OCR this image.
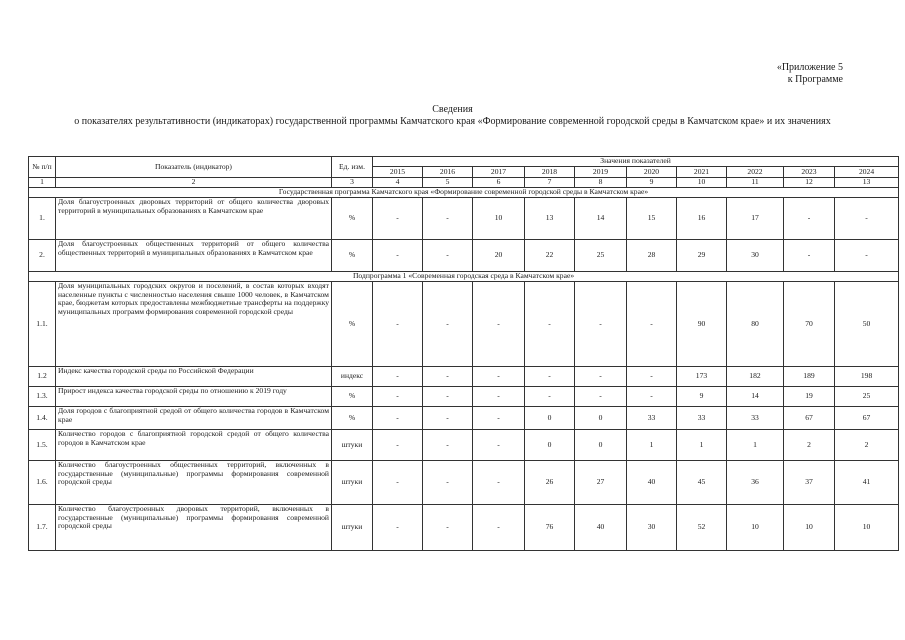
«Приложение 5
к Программе
Сведения
о показателях результативности (индикаторах) государственной программы Камчатского края «Формирование современной городской среды в Камчатском крае» и их значениях
№ п/п	Показатель (индикатор)	Ед. изм.	Значения показателей									
			2015	2016	2017	2018	2019	2020	2021	2022	2023	2024
1	2	3	4	5	6	7	8	9	10	11	12	13
Государственная программа Камчатского края «Формирование современной городской среды в Камчатском крае»												
1.	Доля благоустроенных дворовых территорий от общего количества дворовых территорий в муниципальных образованиях в Камчатском крае	%	-	-	10	13	14	15	16	17	-	-
2.	Доля благоустроенных общественных территорий от общего количества общественных территорий в муниципальных образованиях в Камчатском крае	%	-	-	20	22	25	28	29	30	-	-
Подпрограмма 1 «Современная городская среда в Камчатском крае»												
1.1.	Доля муниципальных городских округов и поселений, в состав которых входят населенные пункты с численностью населения свыше 1000 человек, в Камчатском крае, бюджетам которых предоставлены межбюджетные трансферты на поддержку муниципальных программ формирования современной городской среды	%	-	-	-	-	-	-	90	80	70	50
1.2	Индекс качества городской среды по Российской Федерации	индекс	-	-	-	-	-	-	173	182	189	198
1.3.	Прирост индекса качества городской среды по отношению к 2019 году	%	-	-	-	-	-	-	9	14	19	25
1.4.	Доля городов с благоприятной средой от общего количества городов в Камчатском крае	%	-	-	-	0	0	33	33	33	67	67
1.5.	Количество городов с благоприятной городской средой от общего количества городов в Камчатском крае	штуки	-	-	-	0	0	1	1	1	2	2
1.6.	Количество благоустроенных общественных территорий, включенных в государственные (муниципальные) программы формирования современной городской среды	штуки	-	-	-	26	27	40	45	36	37	41
1.7.	Количество благоустроенных дворовых территорий, включенных в государственные (муниципальные) программы формирования современной городской среды	штуки	-	-	-	76	40	30	52	10	10	10
